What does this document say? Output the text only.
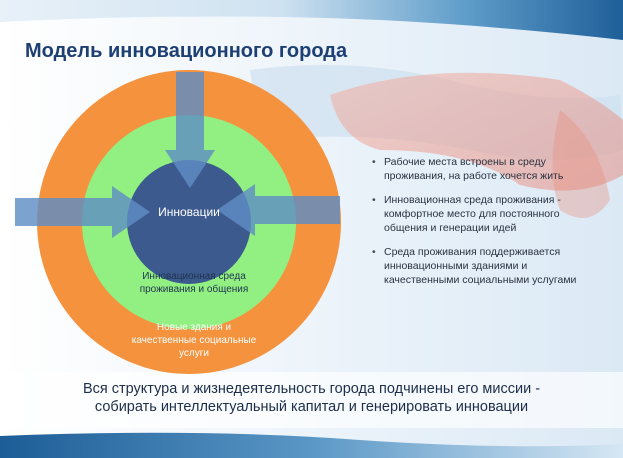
Модель инновационного города
Инновации
Инновационная среда проживания и общения
Новые здания и качественные социальные услуги
• Рабочие места встроены в среду проживания, на работе хочется жить
• Инновационная среда проживания - комфортное место для постоянного общения и генерации идей
• Среда проживания поддерживается инновационными зданиями и качественными социальными услугами
Вся структура и жизнедеятельность города подчинены его миссии -
собирать интеллектуальный капитал и генерировать инновации
